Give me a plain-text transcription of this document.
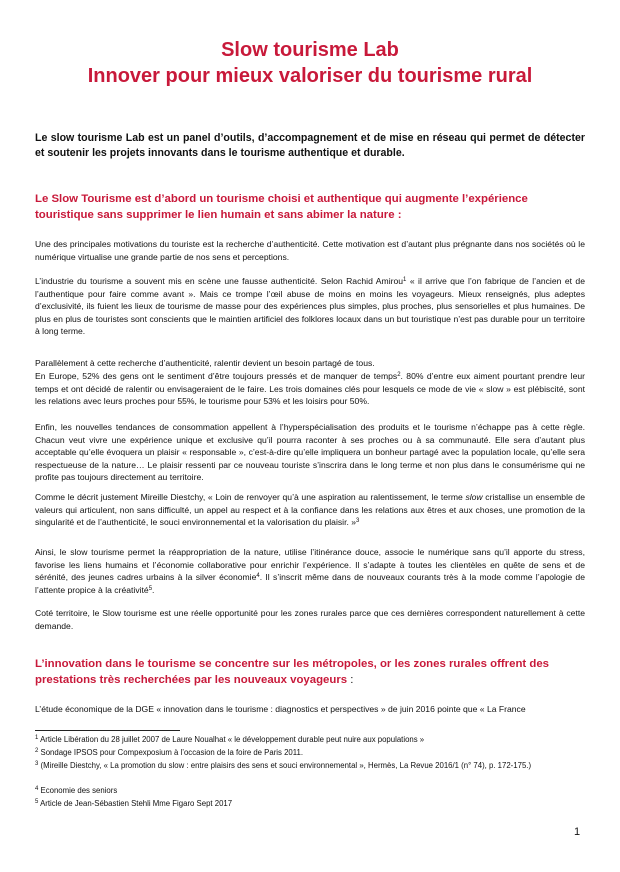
Slow tourisme Lab
Innover pour mieux valoriser du tourisme rural
Le slow tourisme Lab est un panel d’outils, d’accompagnement et de mise en réseau qui permet de détecter et soutenir les projets innovants dans le tourisme authentique et durable.
Le Slow Tourisme est d’abord un tourisme choisi et authentique qui augmente l’expérience touristique sans supprimer le lien humain et sans abimer la nature :
Une des principales motivations du touriste est la recherche d’authenticité. Cette motivation est d’autant plus prégnante dans nos sociétés où le numérique virtualise une grande partie de nos sens et perceptions.
L’industrie du tourisme a souvent mis en scène une fausse authenticité. Selon Rachid Amirou$^1$ « il arrive que l’on fabrique de l’ancien et de l’authentique pour faire comme avant ». Mais ce trompe l’œil abuse de moins en moins les voyageurs. Mieux renseignés, plus adeptes d’exclusivité, ils fuient les lieux de tourisme de masse pour des expériences plus simples, plus proches, plus sensorielles et plus humaines. De plus en plus de touristes sont conscients que le maintien artificiel des folklores locaux dans un but touristique n’est pas durable pour un territoire à long terme.
Parallèlement à cette recherche d’authenticité, ralentir devient un besoin partagé de tous.
En Europe, 52% des gens ont le sentiment d’être toujours pressés et de manquer de temps$^2$. 80% d’entre eux aiment pourtant prendre leur temps et ont décidé de ralentir ou envisageraient de le faire. Les trois domaines clés pour lesquels ce mode de vie « slow » est plébiscité, sont les relations avec leurs proches pour 55%, le tourisme pour 53% et les loisirs pour 50%.
Enfin, les nouvelles tendances de consommation appellent à l’hyperspécialisation des produits et le tourisme n’échappe pas à cette règle. Chacun veut vivre une expérience unique et exclusive qu’il pourra raconter à ses proches ou à sa communauté. Elle sera d’autant plus acceptable qu’elle évoquera un plaisir « responsable », c’est-à-dire qu’elle impliquera un bonheur partagé avec la population locale, qu’elle sera respectueuse de la nature… Le plaisir ressenti par ce nouveau touriste s’inscrira dans le long terme et non plus dans le consumérisme qui ne profite pas toujours directement au territoire.
Comme le décrit justement Mireille Diestchy, « Loin de renvoyer qu’à une aspiration au ralentissement, le terme slow cristallise un ensemble de valeurs qui articulent, non sans difficulté, un appel au respect et à la confiance dans les relations aux êtres et aux choses, une promotion de la singularité et de l’authenticité, le souci environnemental et la valorisation du plaisir. »$^3$
Ainsi, le slow tourisme permet la réappropriation de la nature, utilise l’itinérance douce, associe le numérique sans qu’il apporte du stress, favorise les liens humains et l’économie collaborative pour enrichir l’expérience. Il s’adapte à toutes les clientèles en quête de sens et de sérénité, des jeunes cadres urbains à la silver économie$^4$. Il s’inscrit même dans de nouveaux courants très à la mode comme l’apologie de l’attente propice à la créativité$^5$.
Coté territoire, le Slow tourisme est une réelle opportunité pour les zones rurales parce que ces dernières correspondent naturellement à cette demande.
L’innovation dans le tourisme se concentre sur les métropoles, or les zones rurales offrent des prestations très recherchées par les nouveaux voyageurs :
L’étude économique de la DGE « innovation dans le tourisme : diagnostics et perspectives » de juin 2016 pointe que « La France
$^1$ Article Libération du 28 juillet 2007 de Laure Noualhat « le développement durable peut nuire aux populations »
$^2$ Sondage IPSOS pour Compexposium à l’occasion de la foire de Paris 2011.
$^3$ (Mireille Diestchy, « La promotion du slow : entre plaisirs des sens et souci environnemental », Hermès, La Revue 2016/1 (n° 74), p. 172-175.)
$^4$ Economie des seniors
$^5$ Article de Jean-Sébastien Stehli Mme Figaro Sept 2017
1
